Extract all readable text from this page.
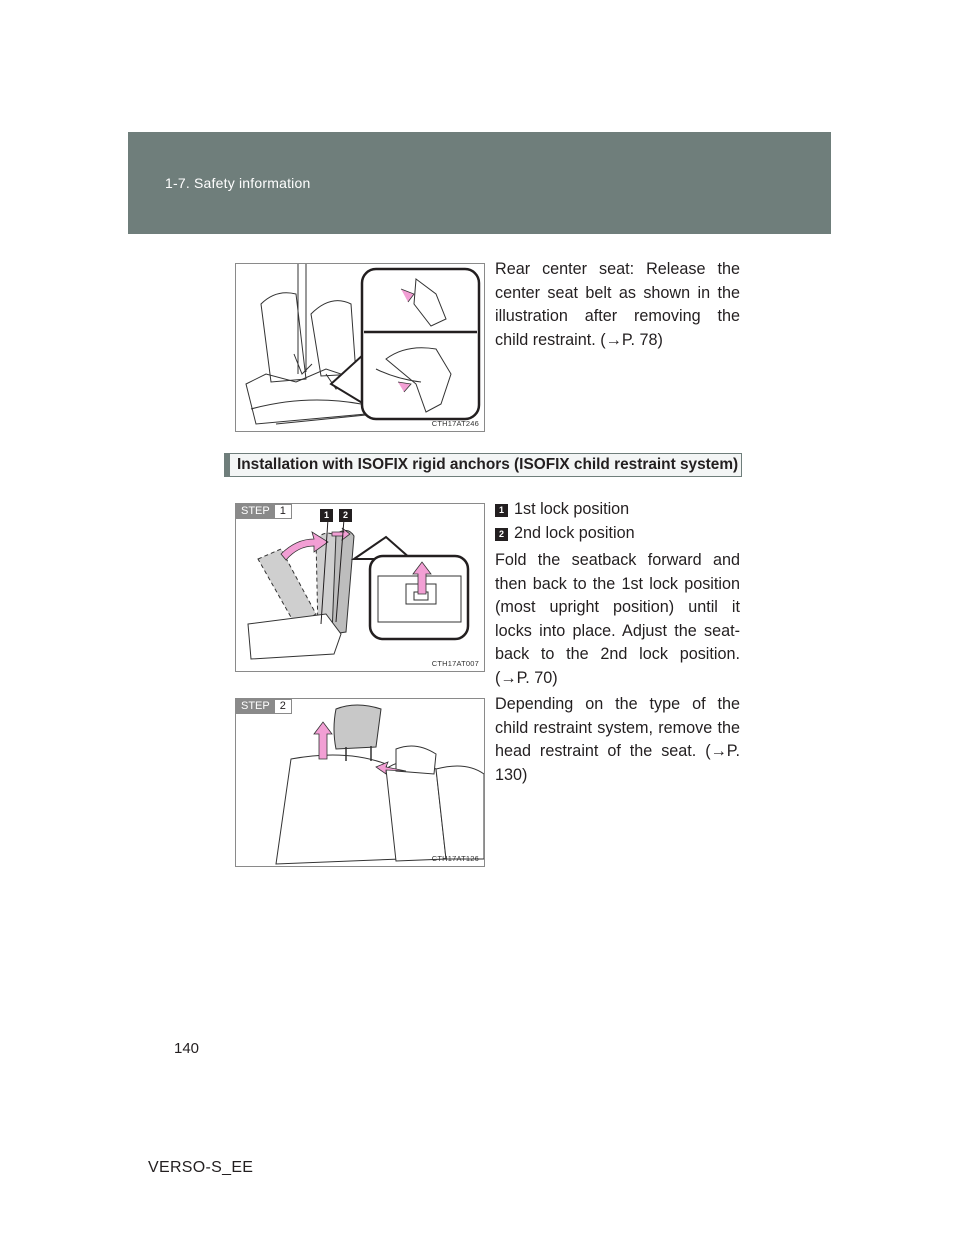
1-7. Safety information
CTH17AT246
Rear center seat: Release the center seat belt as shown in the illustration after removing the child restraint. (→P. 78)
Installation with ISOFIX rigid anchors (ISOFIX child restraint system)
STEP 1	1	2
CTH17AT007
1 1st lock position
2 2nd lock position
Fold the seatback forward and then back to the 1st lock position (most upright position) until it locks into place. Adjust the seat-back to the 2nd lock position. (→P. 70)
STEP 2
CTH17AT126
Depending on the type of the child restraint system, remove the head restraint of the seat. (→P. 130)
140
VERSO-S_EE
